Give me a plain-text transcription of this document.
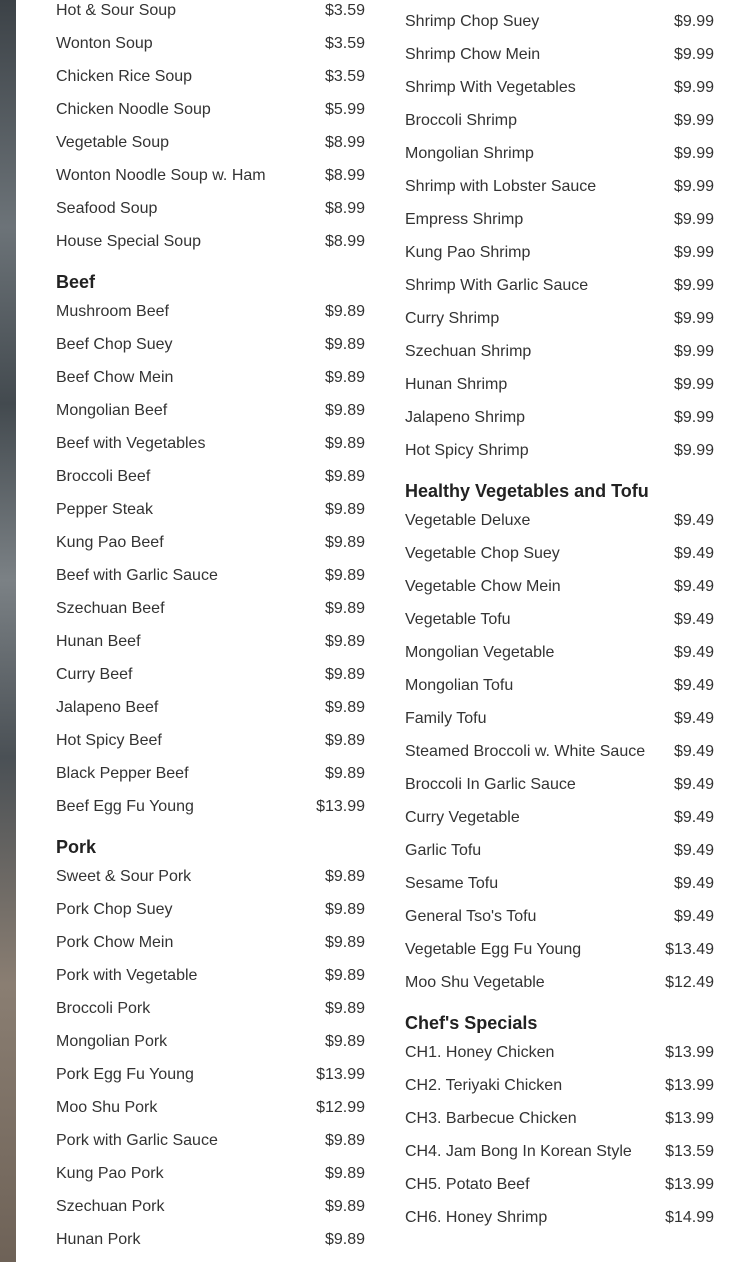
Hot & Sour Soup	$3.59
Wonton Soup	$3.59
Chicken Rice Soup	$3.59
Chicken Noodle Soup	$5.99
Vegetable Soup	$8.99
Wonton Noodle Soup w. Ham	$8.99
Seafood Soup	$8.99
House Special Soup	$8.99
Beef
Mushroom Beef	$9.89
Beef Chop Suey	$9.89
Beef Chow Mein	$9.89
Mongolian Beef	$9.89
Beef with Vegetables	$9.89
Broccoli Beef	$9.89
Pepper Steak	$9.89
Kung Pao Beef	$9.89
Beef with Garlic Sauce	$9.89
Szechuan Beef	$9.89
Hunan Beef	$9.89
Curry Beef	$9.89
Jalapeno Beef	$9.89
Hot Spicy Beef	$9.89
Black Pepper Beef	$9.89
Beef Egg Fu Young	$13.99
Pork
Sweet & Sour Pork	$9.89
Pork Chop Suey	$9.89
Pork Chow Mein	$9.89
Pork with Vegetable	$9.89
Broccoli Pork	$9.89
Mongolian Pork	$9.89
Pork Egg Fu Young	$13.99
Moo Shu Pork	$12.99
Pork with Garlic Sauce	$9.89
Kung Pao Pork	$9.89
Szechuan Pork	$9.89
Hunan Pork	$9.89
Shrimp Chop Suey	$9.99
Shrimp Chow Mein	$9.99
Shrimp With Vegetables	$9.99
Broccoli Shrimp	$9.99
Mongolian Shrimp	$9.99
Shrimp with Lobster Sauce	$9.99
Empress Shrimp	$9.99
Kung Pao Shrimp	$9.99
Shrimp With Garlic Sauce	$9.99
Curry Shrimp	$9.99
Szechuan Shrimp	$9.99
Hunan Shrimp	$9.99
Jalapeno Shrimp	$9.99
Hot Spicy Shrimp	$9.99
Healthy Vegetables and Tofu
Vegetable Deluxe	$9.49
Vegetable Chop Suey	$9.49
Vegetable Chow Mein	$9.49
Vegetable Tofu	$9.49
Mongolian Vegetable	$9.49
Mongolian Tofu	$9.49
Family Tofu	$9.49
Steamed Broccoli w. White Sauce $9.49
Broccoli In Garlic Sauce	$9.49
Curry Vegetable	$9.49
Garlic Tofu	$9.49
Sesame Tofu	$9.49
General Tso's Tofu	$9.49
Vegetable Egg Fu Young	$13.49
Moo Shu Vegetable	$12.49
Chef's Specials
CH1. Honey Chicken	$13.99
CH2. Teriyaki Chicken	$13.99
CH3. Barbecue Chicken	$13.99
CH4. Jam Bong In Korean Style $13.59
CH5. Potato Beef	$13.99
CH6. Honey Shrimp	$14.99
